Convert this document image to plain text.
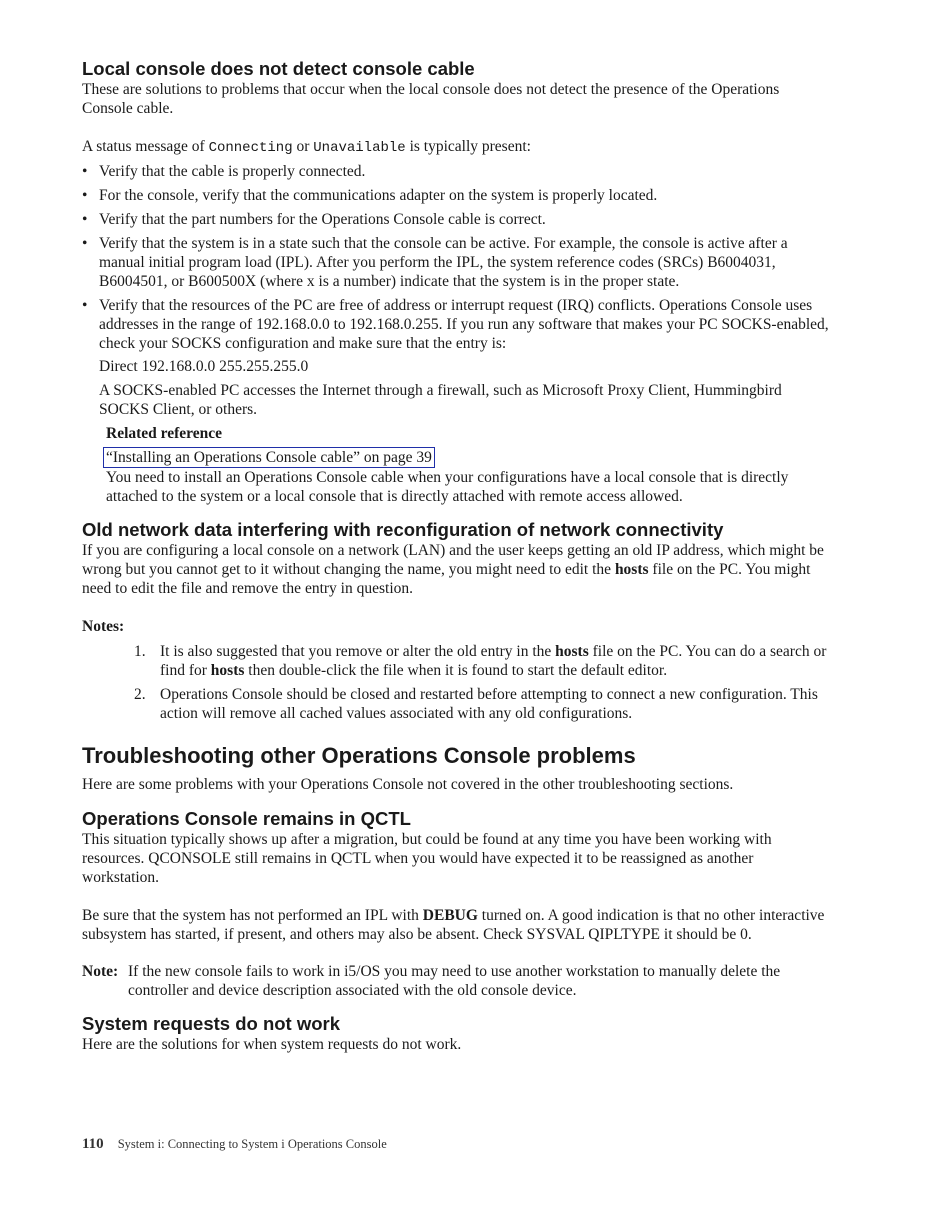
Local console does not detect console cable

These are solutions to problems that occur when the local console does not detect the presence of the Operations Console cable.

A status message of Connecting or Unavailable is typically present:

• Verify that the cable is properly connected.
• For the console, verify that the communications adapter on the system is properly located.
• Verify that the part numbers for the Operations Console cable is correct.
• Verify that the system is in a state such that the console can be active. For example, the console is active after a manual initial program load (IPL). After you perform the IPL, the system reference codes (SRCs) B6004031, B6004501, or B600500X (where x is a number) indicate that the system is in the proper state.
• Verify that the resources of the PC are free of address or interrupt request (IRQ) conflicts. Operations Console uses addresses in the range of 192.168.0.0 to 192.168.0.255. If you run any software that makes your PC SOCKS-enabled, check your SOCKS configuration and make sure that the entry is:

Direct 192.168.0.0 255.255.255.0

A SOCKS-enabled PC accesses the Internet through a firewall, such as Microsoft Proxy Client, Hummingbird SOCKS Client, or others.

Related reference
“Installing an Operations Console cable” on page 39
You need to install an Operations Console cable when your configurations have a local console that is directly attached to the system or a local console that is directly attached with remote access allowed.
Old network data interfering with reconfiguration of network connectivity

If you are configuring a local console on a network (LAN) and the user keeps getting an old IP address, which might be wrong but you cannot get to it without changing the name, you might need to edit the hosts file on the PC. You might need to edit the file and remove the entry in question.

Notes:

1. It is also suggested that you remove or alter the old entry in the hosts file on the PC. You can do a search or find for hosts then double-click the file when it is found to start the default editor.
2. Operations Console should be closed and restarted before attempting to connect a new configuration. This action will remove all cached values associated with any old configurations.
Troubleshooting other Operations Console problems

Here are some problems with your Operations Console not covered in the other troubleshooting sections.

Operations Console remains in QCTL

This situation typically shows up after a migration, but could be found at any time you have been working with resources. QCONSOLE still remains in QCTL when you would have expected it to be reassigned as another workstation.

Be sure that the system has not performed an IPL with DEBUG turned on. A good indication is that no other interactive subsystem has started, if present, and others may also be absent. Check SYSVAL QIPLTYPE it should be 0.

Note: If the new console fails to work in i5/OS you may need to use another workstation to manually delete the controller and device description associated with the old console device.
System requests do not work

Here are the solutions for when system requests do not work.

110 System i: Connecting to System i Operations Console
